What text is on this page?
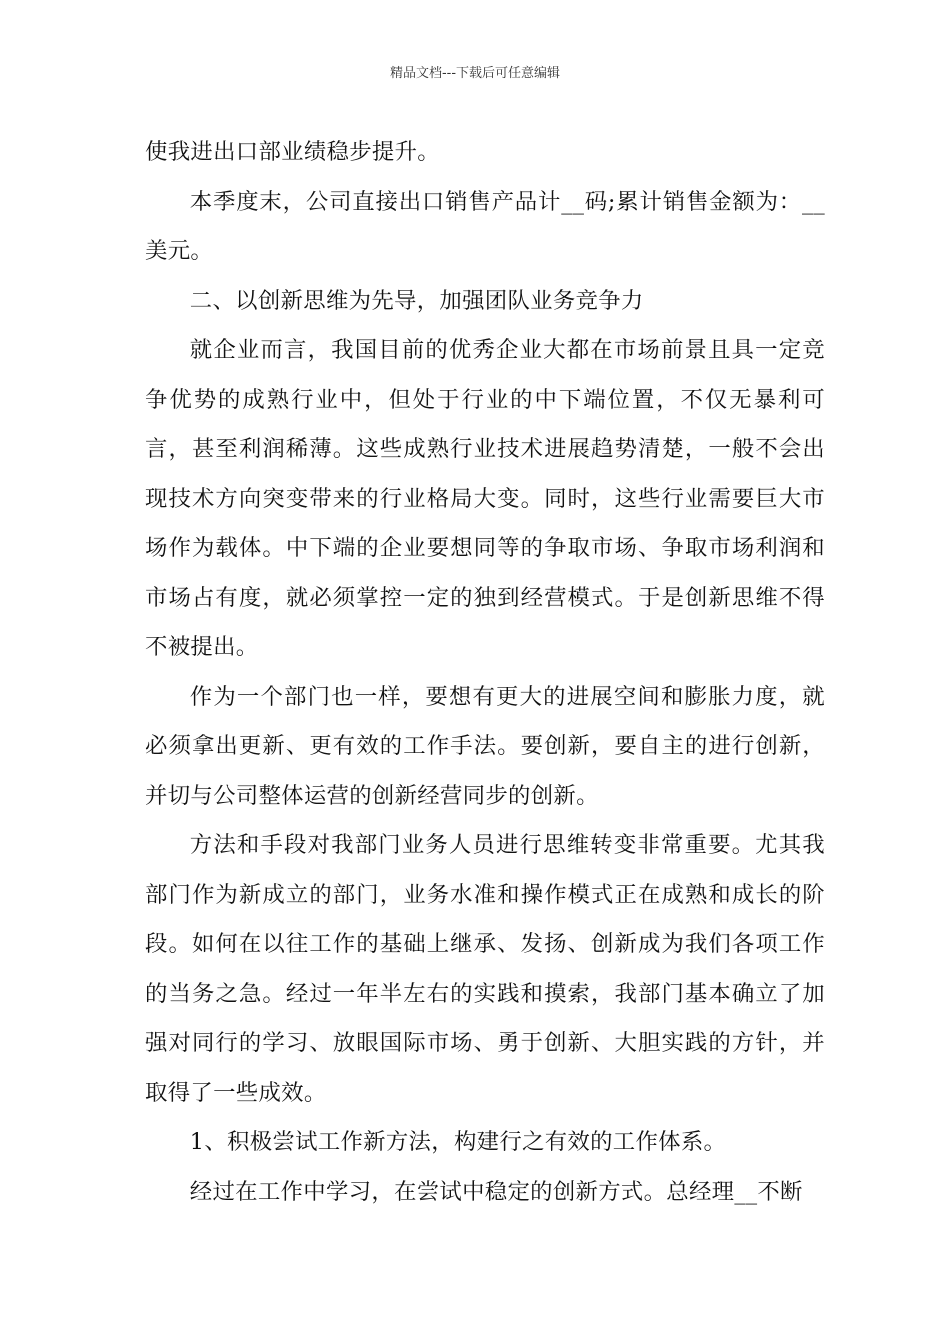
精品文档---下载后可任意编辑

使我进出口部业绩稳步提升。

本季度末，公司直接出口销售产品计__码;累计销售金额为：__美元。

二、以创新思维为先导，加强团队业务竞争力

就企业而言，我国目前的优秀企业大都在市场前景且具一定竞争优势的成熟行业中，但处于行业的中下端位置，不仅无暴利可言，甚至利润稀薄。这些成熟行业技术进展趋势清楚，一般不会出现技术方向突变带来的行业格局大变。同时，这些行业需要巨大市场作为载体。中下端的企业要想同等的争取市场、争取市场利润和市场占有度，就必须掌控一定的独到经营模式。于是创新思维不得不被提出。

作为一个部门也一样，要想有更大的进展空间和膨胀力度，就必须拿出更新、更有效的工作手法。要创新，要自主的进行创新，并切与公司整体运营的创新经营同步的创新。

方法和手段对我部门业务人员进行思维转变非常重要。尤其我部门作为新成立的部门，业务水准和操作模式正在成熟和成长的阶段。如何在以往工作的基础上继承、发扬、创新成为我们各项工作的当务之急。经过一年半左右的实践和摸索，我部门基本确立了加强对同行的学习、放眼国际市场、勇于创新、大胆实践的方针，并取得了一些成效。

1、积极尝试工作新方法，构建行之有效的工作体系。

经过在工作中学习，在尝试中稳定的创新方式。总经理__不断
